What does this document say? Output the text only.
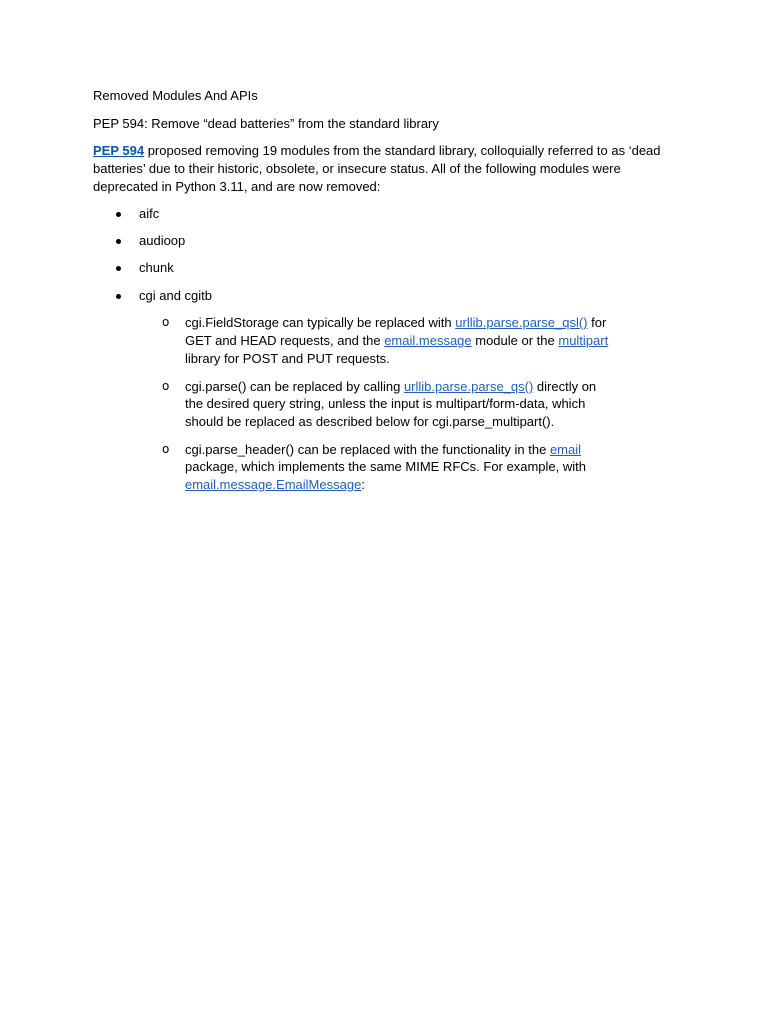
Removed Modules And APIs

PEP 594: Remove “dead batteries” from the standard library

PEP 594 proposed removing 19 modules from the standard library, colloquially referred to as ‘dead batteries’ due to their historic, obsolete, or insecure status. All of the following modules were deprecated in Python 3.11, and are now removed:

aifc
audioop
chunk
cgi and cgitb
o cgi.FieldStorage can typically be replaced with urllib.parse.parse_qsl() for GET and HEAD requests, and the email.message module or the multipart library for POST and PUT requests.
o cgi.parse() can be replaced by calling urllib.parse.parse_qs() directly on the desired query string, unless the input is multipart/form-data, which should be replaced as described below for cgi.parse_multipart().
o cgi.parse_header() can be replaced with the functionality in the email package, which implements the same MIME RFCs. For example, with email.message.EmailMessage:
